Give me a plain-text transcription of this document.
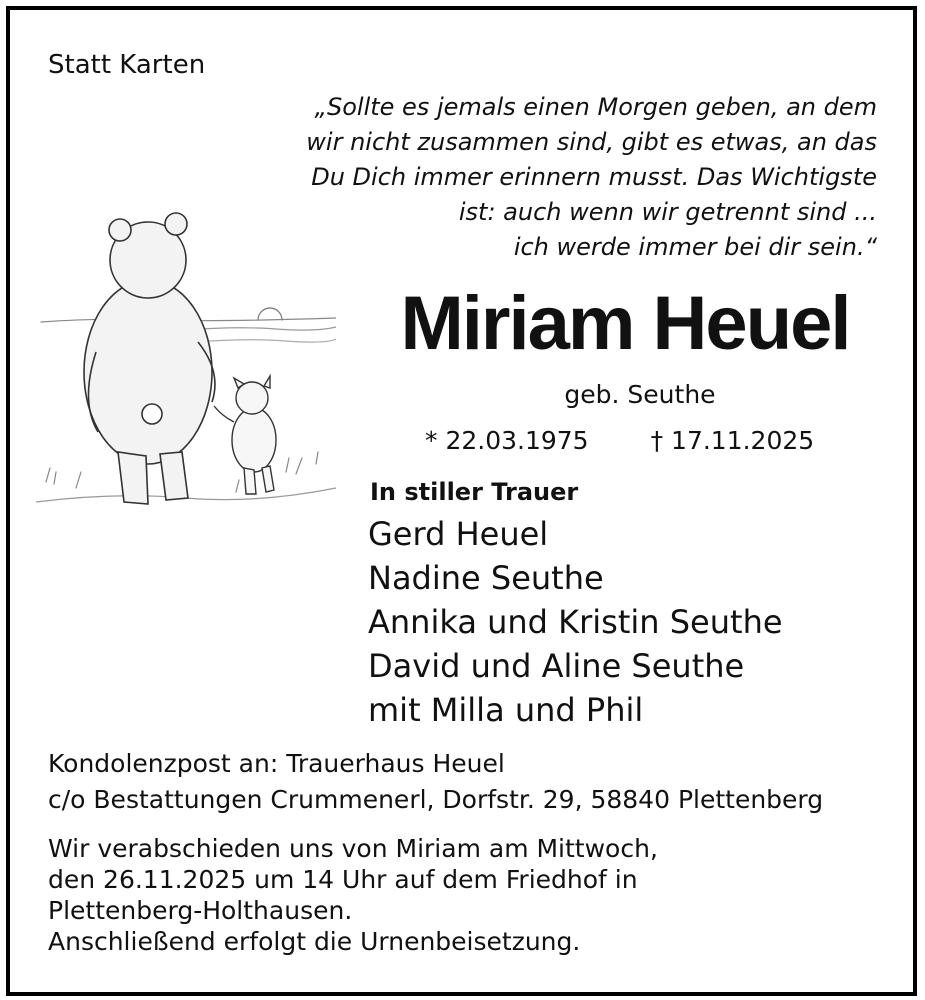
Statt Karten
„Sollte es jemals einen Morgen geben, an dem
wir nicht zusammen sind, gibt es etwas, an das
Du Dich immer erinnern musst. Das Wichtigste
ist: auch wenn wir getrennt sind ...
ich werde immer bei dir sein.“
Miriam Heuel
geb. Seuthe
* 22.03.1975 † 17.11.2025
In stiller Trauer
Gerd Heuel
Nadine Seuthe
Annika und Kristin Seuthe
David und Aline Seuthe
mit Milla und Phil
Kondolenzpost an: Trauerhaus Heuel
c/o Bestattungen Crummenerl, Dorfstr. 29, 58840 Plettenberg
Wir verabschieden uns von Miriam am Mittwoch,
den 26.11.2025 um 14 Uhr auf dem Friedhof in
Plettenberg-Holthausen.
Anschließend erfolgt die Urnenbeisetzung.
